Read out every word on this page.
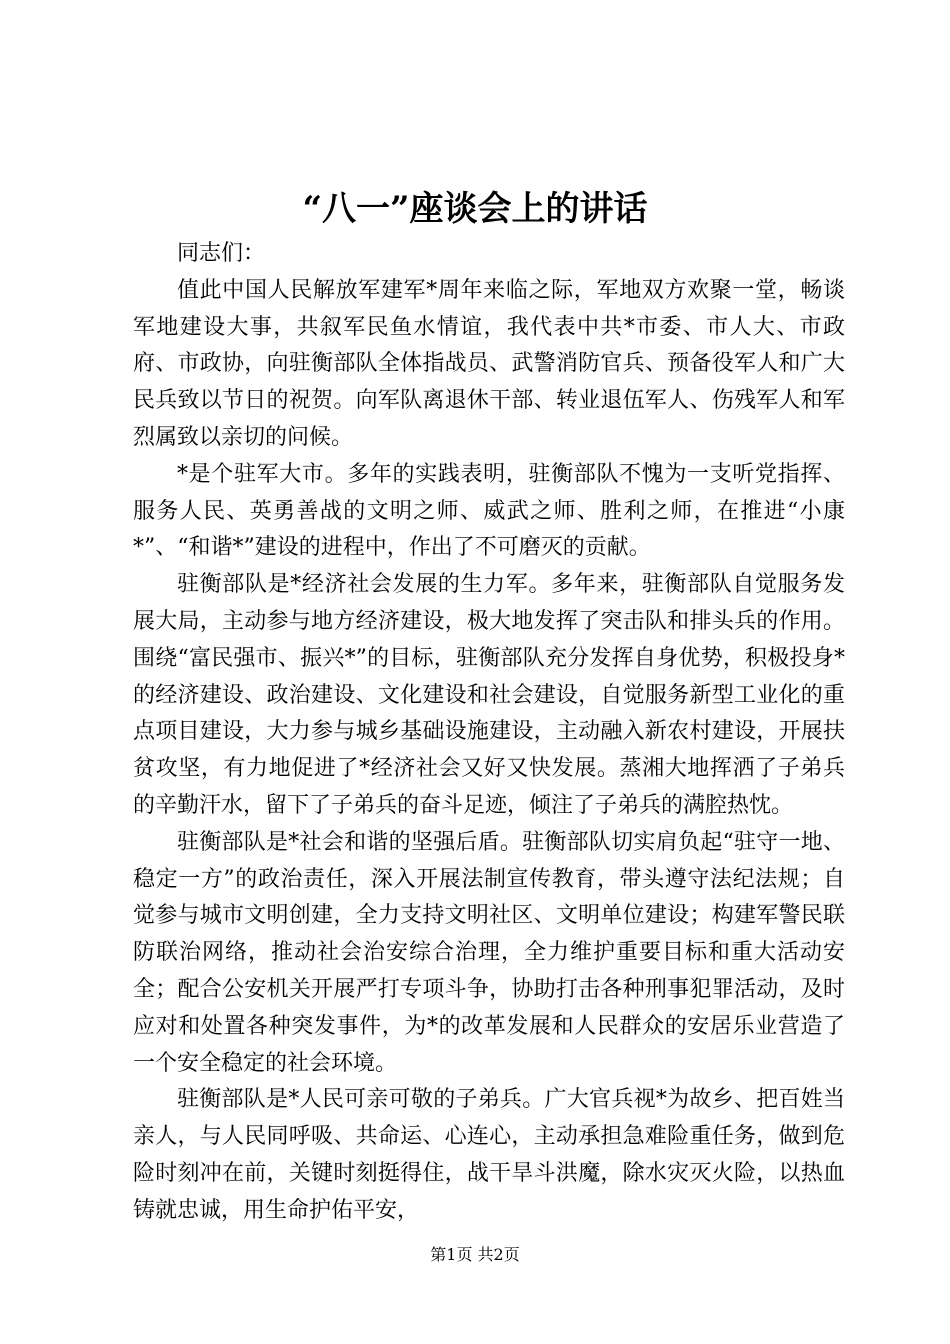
“八一”座谈会上的讲话

同志们：

值此中国人民解放军建军*周年来临之际，军地双方欢聚一堂，畅谈军地建设大事，共叙军民鱼水情谊，我代表中共*市委、市人大、市政府、市政协，向驻衡部队全体指战员、武警消防官兵、预备役军人和广大民兵致以节日的祝贺。向军队离退休干部、转业退伍军人、伤残军人和军烈属致以亲切的问候。

*是个驻军大市。多年的实践表明，驻衡部队不愧为一支听党指挥、服务人民、英勇善战的文明之师、威武之师、胜利之师，在推进“小康*”、“和谐*”建设的进程中，作出了不可磨灭的贡献。

驻衡部队是*经济社会发展的生力军。多年来，驻衡部队自觉服务发展大局，主动参与地方经济建设，极大地发挥了突击队和排头兵的作用。围绕“富民强市、振兴*”的目标，驻衡部队充分发挥自身优势，积极投身*的经济建设、政治建设、文化建设和社会建设，自觉服务新型工业化的重点项目建设，大力参与城乡基础设施建设，主动融入新农村建设，开展扶贫攻坚，有力地促进了*经济社会又好又快发展。蒸湘大地挥洒了子弟兵的辛勤汗水，留下了子弟兵的奋斗足迹，倾注了子弟兵的满腔热忱。

驻衡部队是*社会和谐的坚强后盾。驻衡部队切实肩负起“驻守一地、稳定一方”的政治责任，深入开展法制宣传教育，带头遵守法纪法规；自觉参与城市文明创建，全力支持文明社区、文明单位建设；构建军警民联防联治网络，推动社会治安综合治理，全力维护重要目标和重大活动安全；配合公安机关开展严打专项斗争，协助打击各种刑事犯罪活动，及时应对和处置各种突发事件，为*的改革发展和人民群众的安居乐业营造了一个安全稳定的社会环境。

驻衡部队是*人民可亲可敬的子弟兵。广大官兵视*为故乡、把百姓当亲人，与人民同呼吸、共命运、心连心，主动承担急难险重任务，做到危险时刻冲在前，关键时刻挺得住，战干旱斗洪魔，除水灾灭火险，以热血铸就忠诚，用生命护佑平安，

第1页 共2页
